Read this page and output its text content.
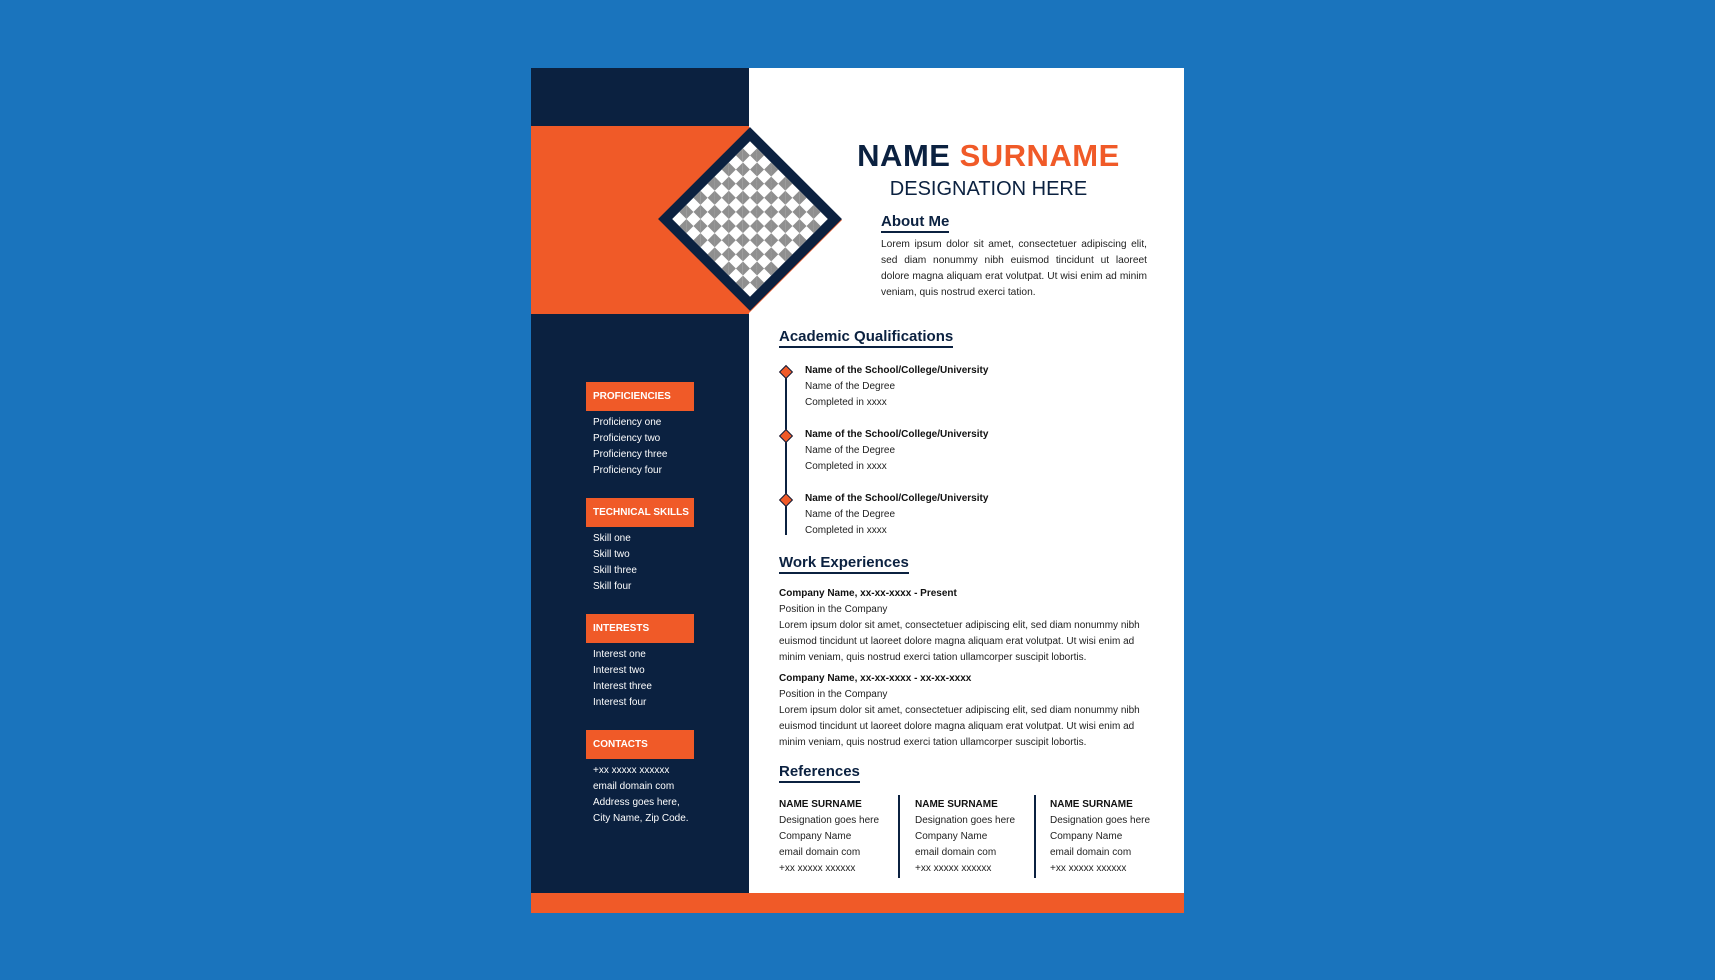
NAME SURNAME
DESIGNATION HERE
About Me
Lorem ipsum dolor sit amet, consectetuer adipiscing elit, sed diam nonummy nibh euismod tincidunt ut laoreet dolore magna aliquam erat volutpat. Ut wisi enim ad minim veniam, quis nostrud exerci tation.
Academic Qualifications
Name of the School/College/University
Name of the Degree
Completed in xxxx
Name of the School/College/University
Name of the Degree
Completed in xxxx
Name of the School/College/University
Name of the Degree
Completed in xxxx
Work Experiences
Company Name, xx-xx-xxxx - Present
Position in the Company
Lorem ipsum dolor sit amet, consectetuer adipiscing elit, sed diam nonummy nibh euismod tincidunt ut laoreet dolore magna aliquam erat volutpat. Ut wisi enim ad minim veniam, quis nostrud exerci tation ullamcorper suscipit lobortis.
Company Name, xx-xx-xxxx - xx-xx-xxxx
Position in the Company
Lorem ipsum dolor sit amet, consectetuer adipiscing elit, sed diam nonummy nibh euismod tincidunt ut laoreet dolore magna aliquam erat volutpat. Ut wisi enim ad minim veniam, quis nostrud exerci tation ullamcorper suscipit lobortis.
References
NAME SURNAME
Designation goes here
Company Name
email domain com
+xx xxxxx xxxxxx
NAME SURNAME
Designation goes here
Company Name
email domain com
+xx xxxxx xxxxxx
NAME SURNAME
Designation goes here
Company Name
email domain com
+xx xxxxx xxxxxx
PROFICIENCIES
Proficiency one
Proficiency two
Proficiency three
Proficiency four
TECHNICAL SKILLS
Skill one
Skill two
Skill three
Skill four
INTERESTS
Interest one
Interest two
Interest three
Interest four
CONTACTS
+xx xxxxx xxxxxx
email domain com
Address goes here,
City Name, Zip Code.
